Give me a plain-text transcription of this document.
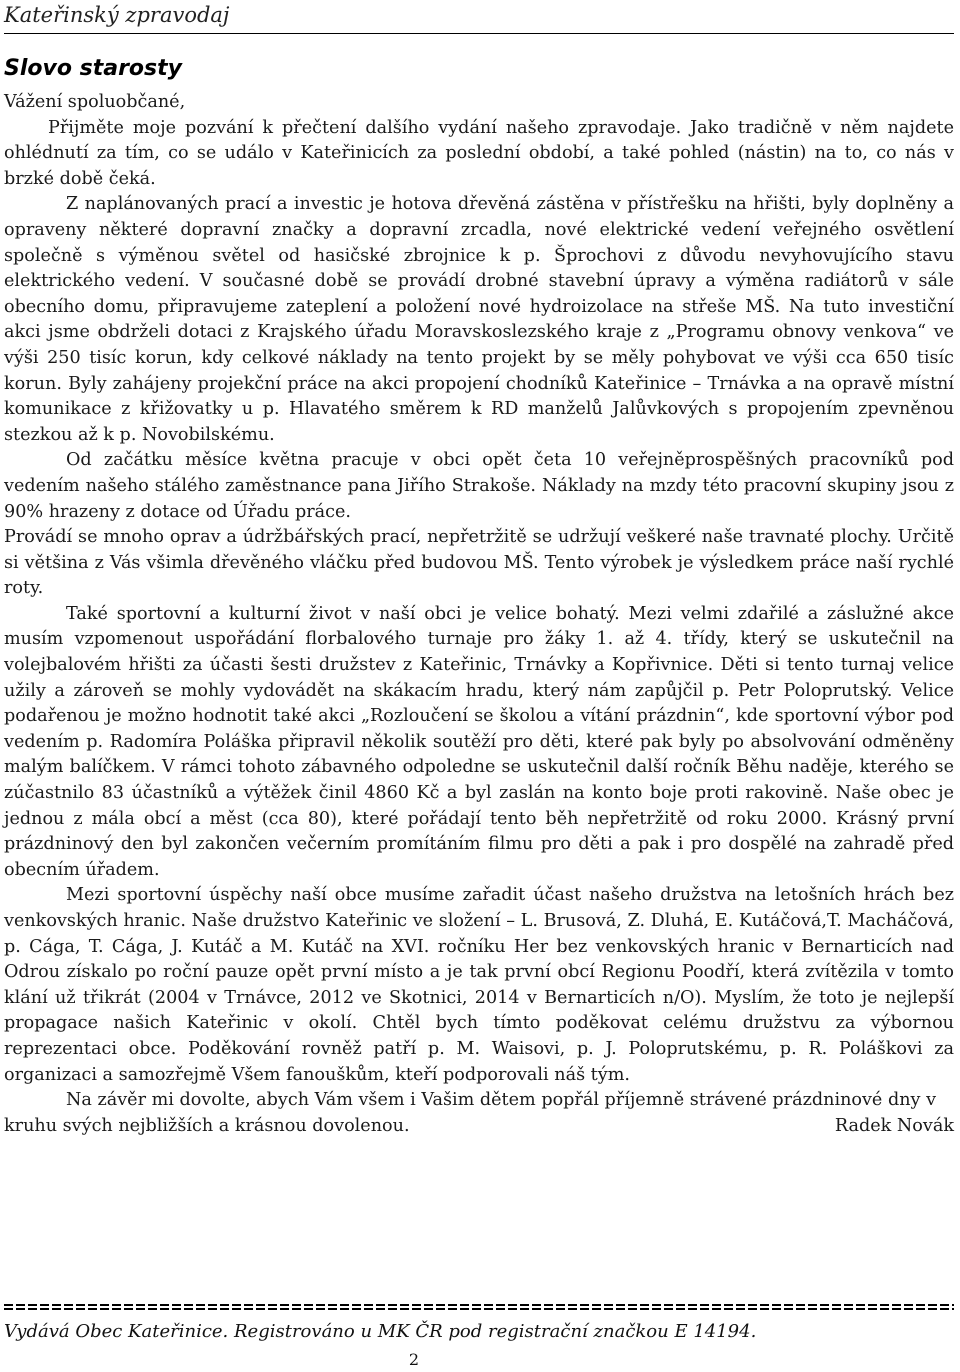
Kateřinský zpravodaj
Slovo starosty

Vážení spoluobčané,

Přijměte moje pozvání k přečtení dalšího vydání našeho zpravodaje. Jako tradičně v něm najdete ohlédnutí za tím, co se událo v Kateřinicích za poslední období, a také pohled (nástin) na to, co nás v brzké době čeká.

Z naplánovaných prací a investic je hotova dřevěná zástěna v přístřešku na hřišti, byly doplněny a opraveny některé dopravní značky a dopravní zrcadla, nové elektrické vedení veřejného osvětlení společně s výměnou světel od hasičské zbrojnice k p. Šprochovi z důvodu nevyhovujícího stavu elektrického vedení. V současné době se provádí drobné stavební úpravy a výměna radiátorů v sále obecního domu, připravujeme zateplení a položení nové hydroizolace na střeše MŠ. Na tuto investiční akci jsme obdrželi dotaci z Krajského úřadu Moravskoslezského kraje z „Programu obnovy venkova“ ve výši 250 tisíc korun, kdy celkové náklady na tento projekt by se měly pohybovat ve výši cca 650 tisíc korun. Byly zahájeny projekční práce na akci propojení chodníků Kateřinice – Trnávka a na opravě místní komunikace z křižovatky u p. Hlavatého směrem k RD manželů Jalůvkových s propojením zpevněnou stezkou až k p. Novobilskému.

Od začátku měsíce května pracuje v obci opět četa 10 veřejněprospěšných pracovníků pod vedením našeho stálého zaměstnance pana Jiřího Strakoše. Náklady na mzdy této pracovní skupiny jsou z 90% hrazeny z dotace od Úřadu práce.

Provádí se mnoho oprav a údržbářských prací, nepřetržitě se udržují veškeré naše travnaté plochy. Určitě si většina z Vás všimla dřevěného vláčku před budovou MŠ. Tento výrobek je výsledkem práce naší rychlé roty.

Také sportovní a kulturní život v naší obci je velice bohatý. Mezi velmi zdařilé a záslužné akce musím vzpomenout uspořádání florbalového turnaje pro žáky 1. až 4. třídy, který se uskutečnil na volejbalovém hřišti za účasti šesti družstev z Kateřinic, Trnávky a Kopřivnice. Děti si tento turnaj velice užily a zároveň se mohly vydovádět na skákacím hradu, který nám zapůjčil p. Petr Poloprutský. Velice podařenou je možno hodnotit také akci „Rozloučení se školou a vítání prázdnin“, kde sportovní výbor pod vedením p. Radomíra Poláška připravil několik soutěží pro děti, které pak byly po absolvování odměněny malým balíčkem. V rámci tohoto zábavného odpoledne se uskutečnil další ročník Běhu naděje, kterého se zúčastnilo 83 účastníků a výtěžek činil 4860 Kč a byl zaslán na konto boje proti rakovině. Naše obec je jednou z mála obcí a měst (cca 80), které pořádají tento běh nepřetržitě od roku 2000. Krásný první prázdninový den byl zakončen večerním promítáním filmu pro děti a pak i pro dospělé na zahradě před obecním úřadem.

Mezi sportovní úspěchy naší obce musíme zařadit účast našeho družstva na letošních hrách bez venkovských hranic. Naše družstvo Kateřinic ve složení – L. Brusová, Z. Dluhá, E. Kutáčová,T. Macháčová, p. Cága, T. Cága, J. Kutáč a M. Kutáč na XVI. ročníku Her bez venkovských hranic v Bernarticích nad Odrou získalo po roční pauze opět první místo a je tak první obcí Regionu Poodří, která zvítězila v tomto klání už třikrát (2004 v Trnávce, 2012 ve Skotnici, 2014 v Bernarticích n/O). Myslím, že toto je nejlepší propagace našich Kateřinic v okolí. Chtěl bych tímto poděkovat celému družstvu za výbornou reprezentaci obce. Poděkování rovněž patří p. M. Waisovi, p. J. Poloprutskému, p. R. Poláškovi za organizaci a samozřejmě Všem fanouškům, kteří podporovali náš tým.

Na závěr mi dovolte, abych Vám všem i Vašim dětem popřál příjemně strávené prázdninové dny v kruhu svých nejbližších a krásnou dovolenou.	Radek Novák

Vydává Obec Kateřinice. Registrováno u MK ČR pod registrační značkou E 14194.
2
